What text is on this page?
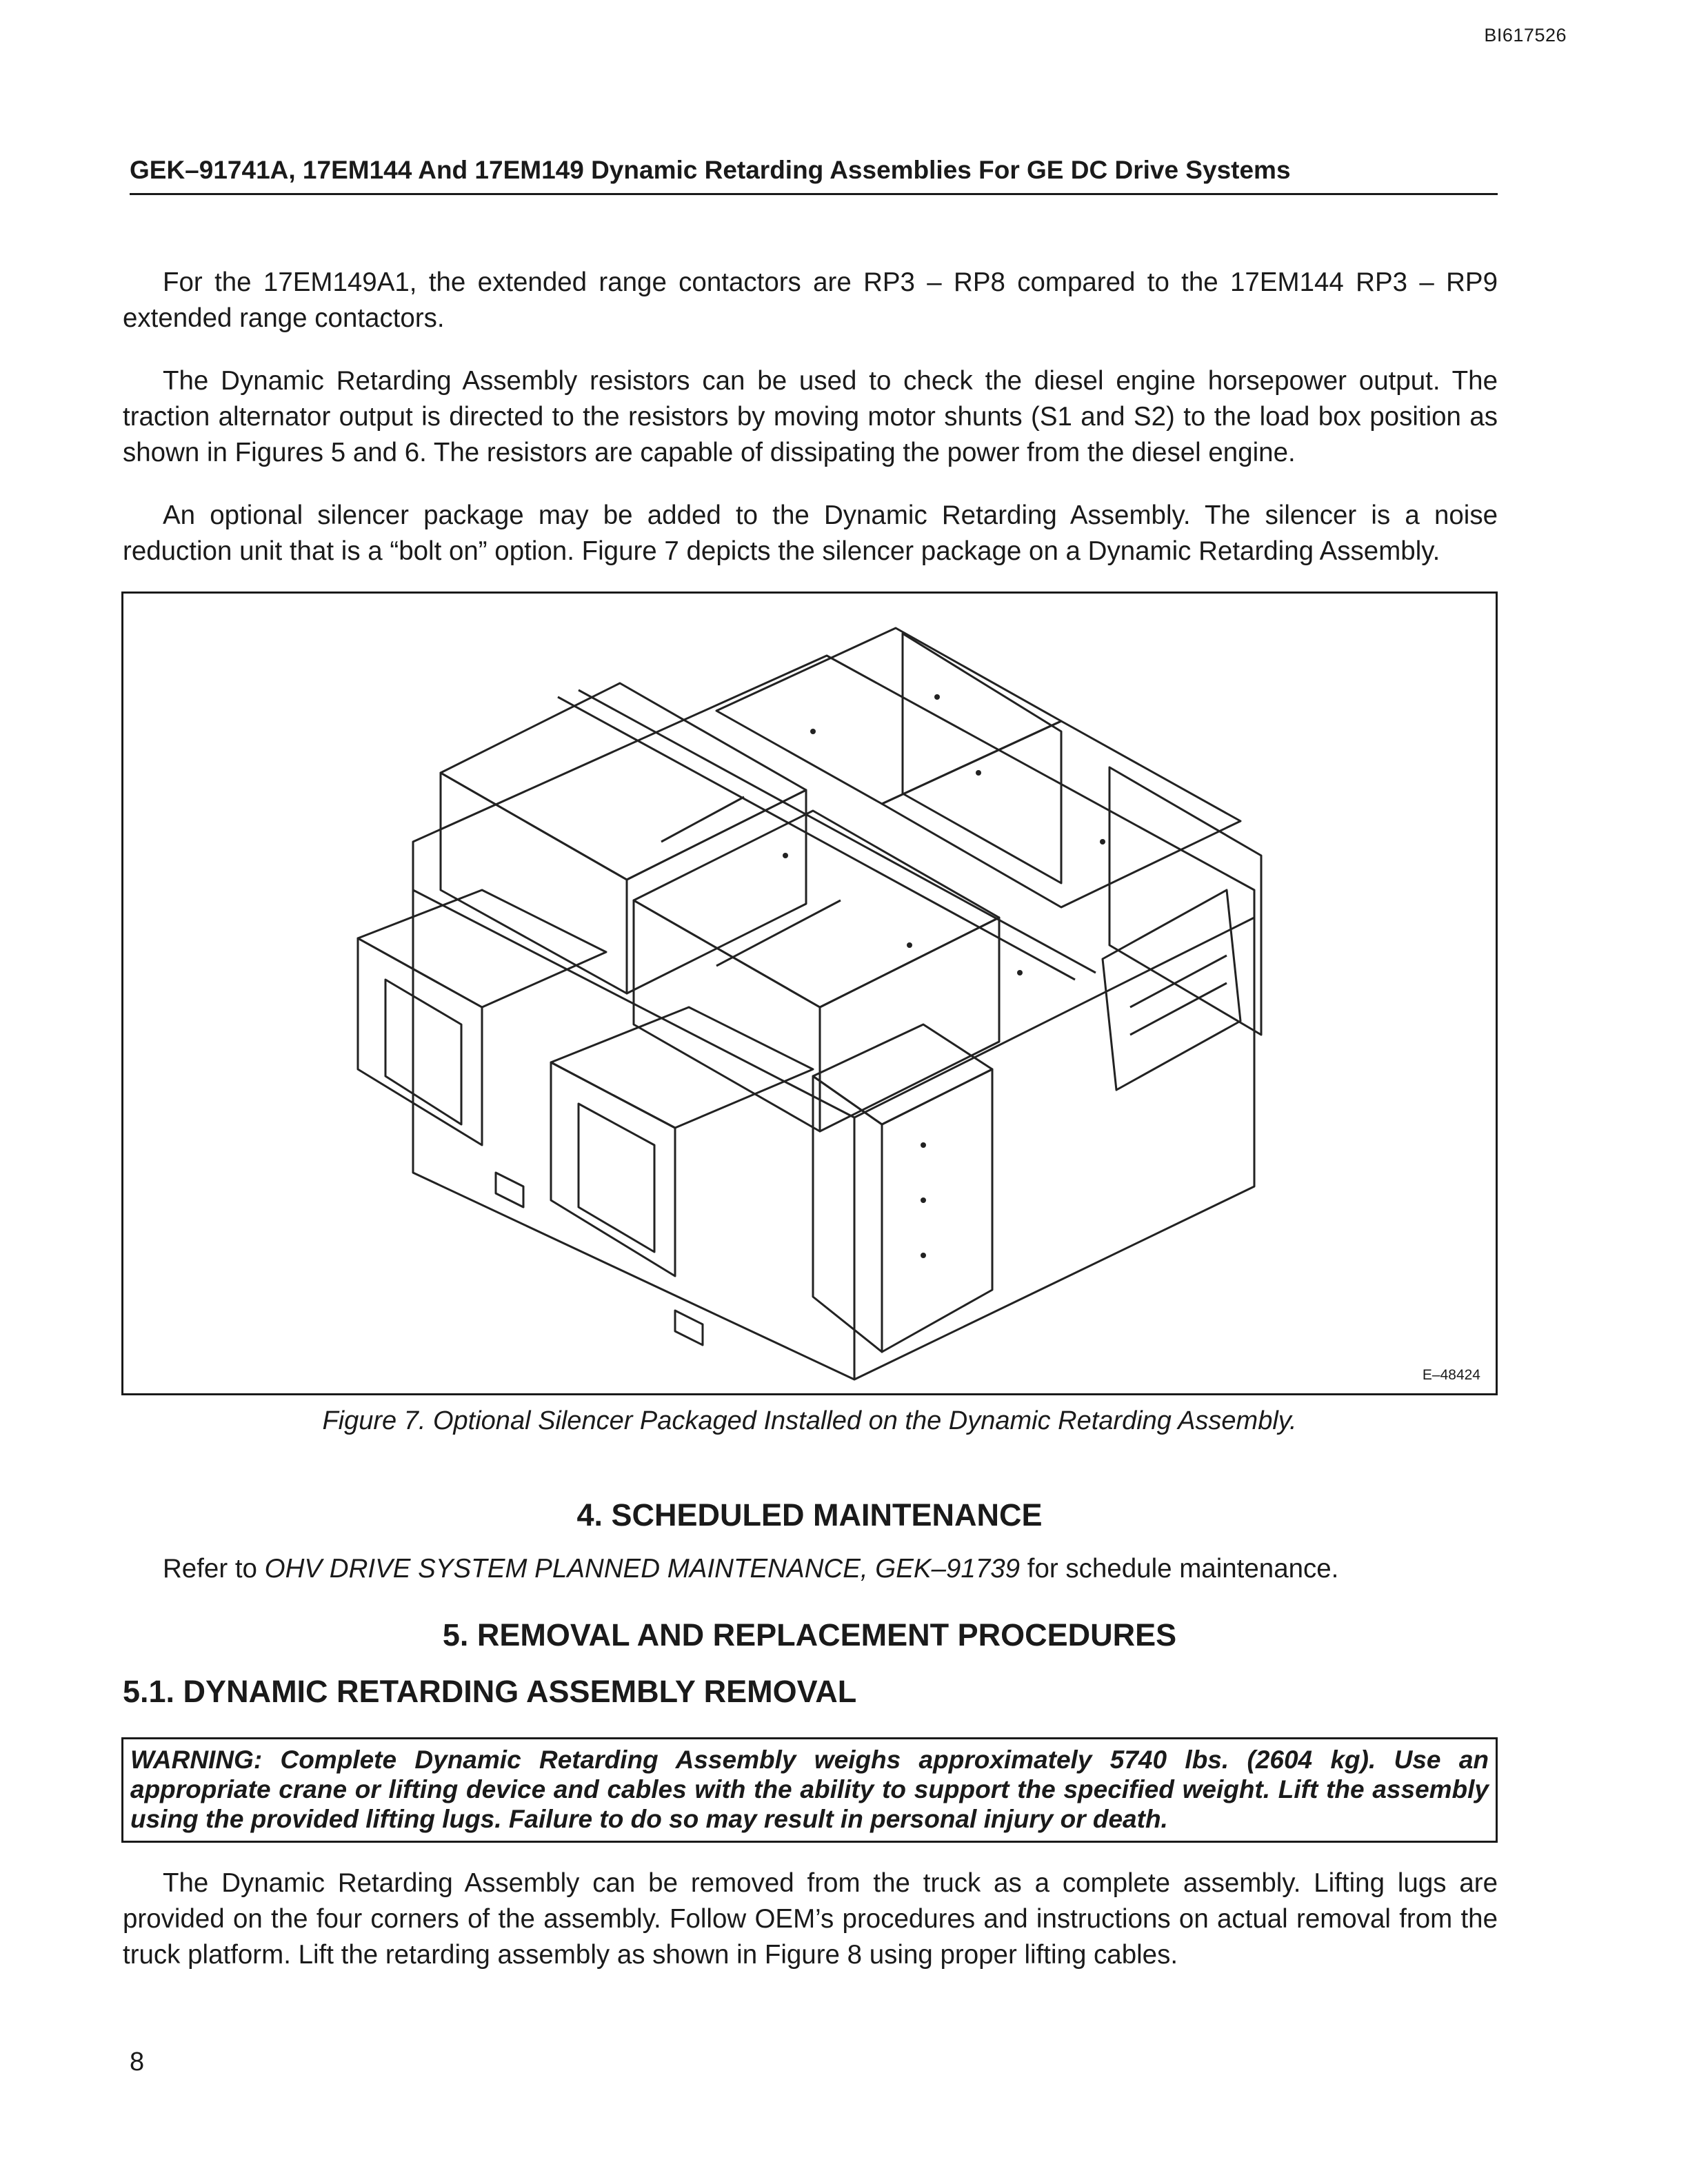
BI617526
GEK–91741A, 17EM144 And 17EM149 Dynamic Retarding Assemblies For GE DC Drive Systems

For the 17EM149A1, the extended range contactors are RP3 – RP8 compared to the 17EM144 RP3 – RP9 extended range contactors.

The Dynamic Retarding Assembly resistors can be used to check the diesel engine horsepower output. The traction alternator output is directed to the resistors by moving motor shunts (S1 and S2) to the load box position as shown in Figures 5 and 6. The resistors are capable of dissipating the power from the diesel engine.

An optional silencer package may be added to the Dynamic Retarding Assembly. The silencer is a noise reduction unit that is a “bolt on” option. Figure 7 depicts the silencer package on a Dynamic Retarding Assembly.

E–48424
Figure 7. Optional Silencer Packaged Installed on the Dynamic Retarding Assembly.
4. SCHEDULED MAINTENANCE
Refer to OHV DRIVE SYSTEM PLANNED MAINTENANCE, GEK–91739 for schedule maintenance.
5. REMOVAL AND REPLACEMENT PROCEDURES
5.1. DYNAMIC RETARDING ASSEMBLY REMOVAL
WARNING: Complete Dynamic Retarding Assembly weighs approximately 5740 lbs. (2604 kg). Use an appropriate crane or lifting device and cables with the ability to support the specified weight. Lift the assembly using the provided lifting lugs. Failure to do so may result in personal injury or death.

The Dynamic Retarding Assembly can be removed from the truck as a complete assembly. Lifting lugs are provided on the four corners of the assembly. Follow OEM’s procedures and instructions on actual removal from the truck platform. Lift the retarding assembly as shown in Figure 8 using proper lifting cables.

8
